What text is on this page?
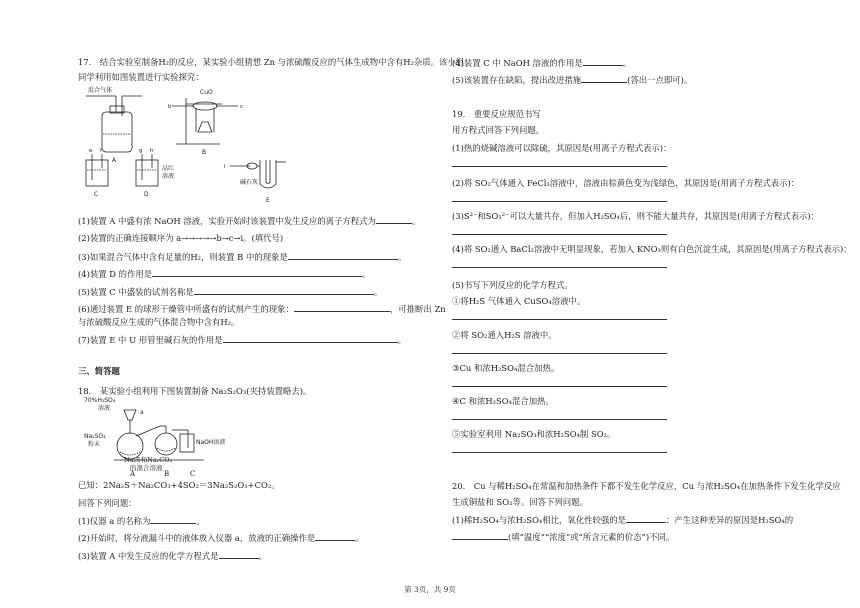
17.　结合实验室制备H₂的反应，某实验小组猜想 Zn 与浓硫酸反应的气体生成物中含有H₂杂质。该小组
同学利用如图装置进行实验探究：
混合气体
A
CuO
B
b	c
e f	g h
品红
溶液
C	D
i
碱石灰
E
(1)装置 A 中盛有浓 NaOH 溶液，实验开始时该装置中发生反应的离子方程式为	。
(2)装置的正确连接顺序为 a→→→→→b→c→i。(填代号)
(3)如果混合气体中含有足量的H₂，则装置 B 中的现象是	。
(4)装置 D 的作用是	。
(5)装置 C 中盛装的试剂名称是	。
(6)通过装置 E 的球形干燥管中所盛有的试剂产生的现象：	，可推断出 Zn
与浓硫酸反应生成的气体混合物中含有H₂。
(7)装置 E 中 U 形管里碱石灰的作用是	。
三、简答题
18.　某实验小组利用下图装置制备 Na₂S₂O₃(夹持装置略去)。
70%H₂SO₄
溶液
a
Na₂SO₃
粉末	NaOH溶液
Na₂S和Na₂CO₃
的混合溶液
A	B	C
已知：2Na₂S＋Na₂CO₃+4SO₂＝3Na₂S₂O₃+CO₂。
回答下列问题：
(1)仪器 a 的名称为	。
(2)开始时，将分液漏斗中的液体放入仪器 a，放液的正确操作是	。
(3)装置 A 中发生反应的化学方程式是	。
(4)装置 C 中 NaOH 溶液的作用是	。
(5)该装置存在缺陷，提出改进措施	(答出一点即可)。
19.　重要反应规范书写
用方程式回答下列问题。
(1)热的烧碱溶液可以除硫，其原因是(用离子方程式表示)：
(2)将 SO₂气体通入 FeCl₃溶液中，溶液由棕黄色变为浅绿色，其原因是(用离子方程式表示)：
(3)S²⁻和SO₃²⁻可以大量共存，但加入H₂SO₄后，则不能大量共存，其原因是(用离子方程式表示)：
(4)将 SO₂通入 BaCl₂溶液中无明显现象，若加入 KNO₃则有白色沉淀生成，其原因是(用离子方程式表示)：
(5)书写下列反应的化学方程式。
①将H₂S 气体通入 CuSO₄溶液中。
②将 SO₂通入H₂S 溶液中。
③Cu 和浓H₂SO₄混合加热。
④C 和浓H₂SO₄混合加热。
⑤实验室利用 Na₂SO₃和浓H₂SO₄制 SO₂。
20.　Cu 与稀H₂SO₄在常温和加热条件下都不发生化学反应，Cu 与浓H₂SO₄在加热条件下发生化学反应
生成铜盐和 SO₂等。回答下列问题。
(1)稀H₂SO₄与浓H₂SO₄相比，氧化性较强的是	；产生这种差异的原因是H₂SO₄的
(填“温度”“浓度”或“所含元素的价态”)不同。
第 3页，共 9页
